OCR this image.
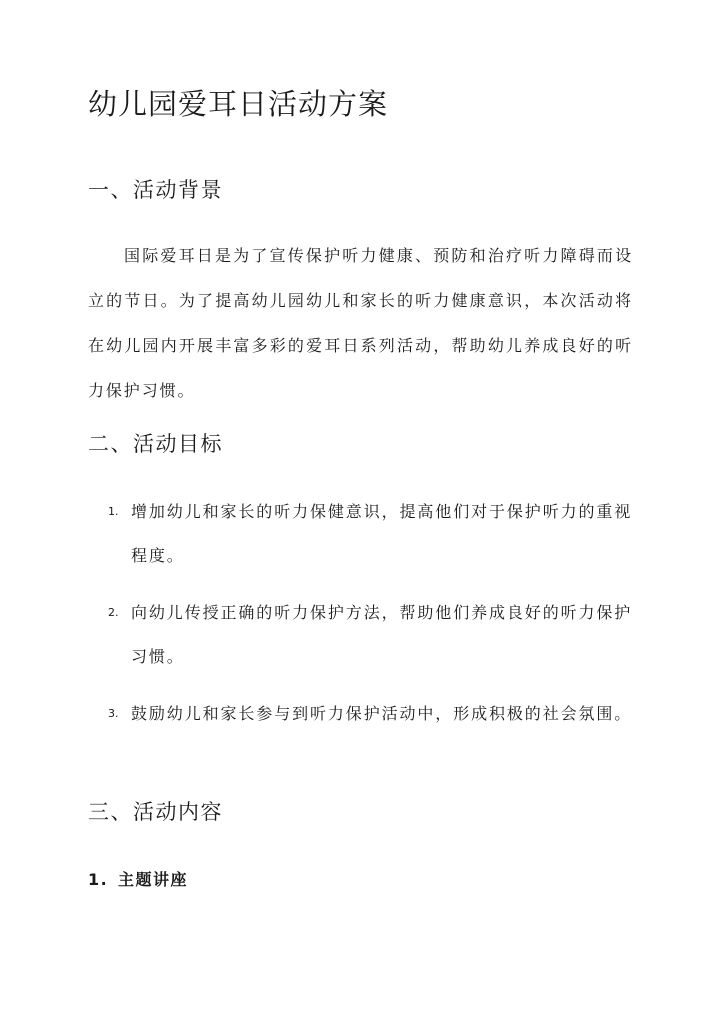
幼儿园爱耳日活动方案
一、活动背景

国际爱耳日是为了宣传保护听力健康、预防和治疗听力障碍而设立的节日。为了提高幼儿园幼儿和家长的听力健康意识，本次活动将在幼儿园内开展丰富多彩的爱耳日系列活动，帮助幼儿养成良好的听力保护习惯。

二、活动目标
1. 增加幼儿和家长的听力保健意识，提高他们对于保护听力的重视程度。
2. 向幼儿传授正确的听力保护方法，帮助他们养成良好的听力保护习惯。
3. 鼓励幼儿和家长参与到听力保护活动中，形成积极的社会氛围。
三、活动内容
1. 主题讲座
